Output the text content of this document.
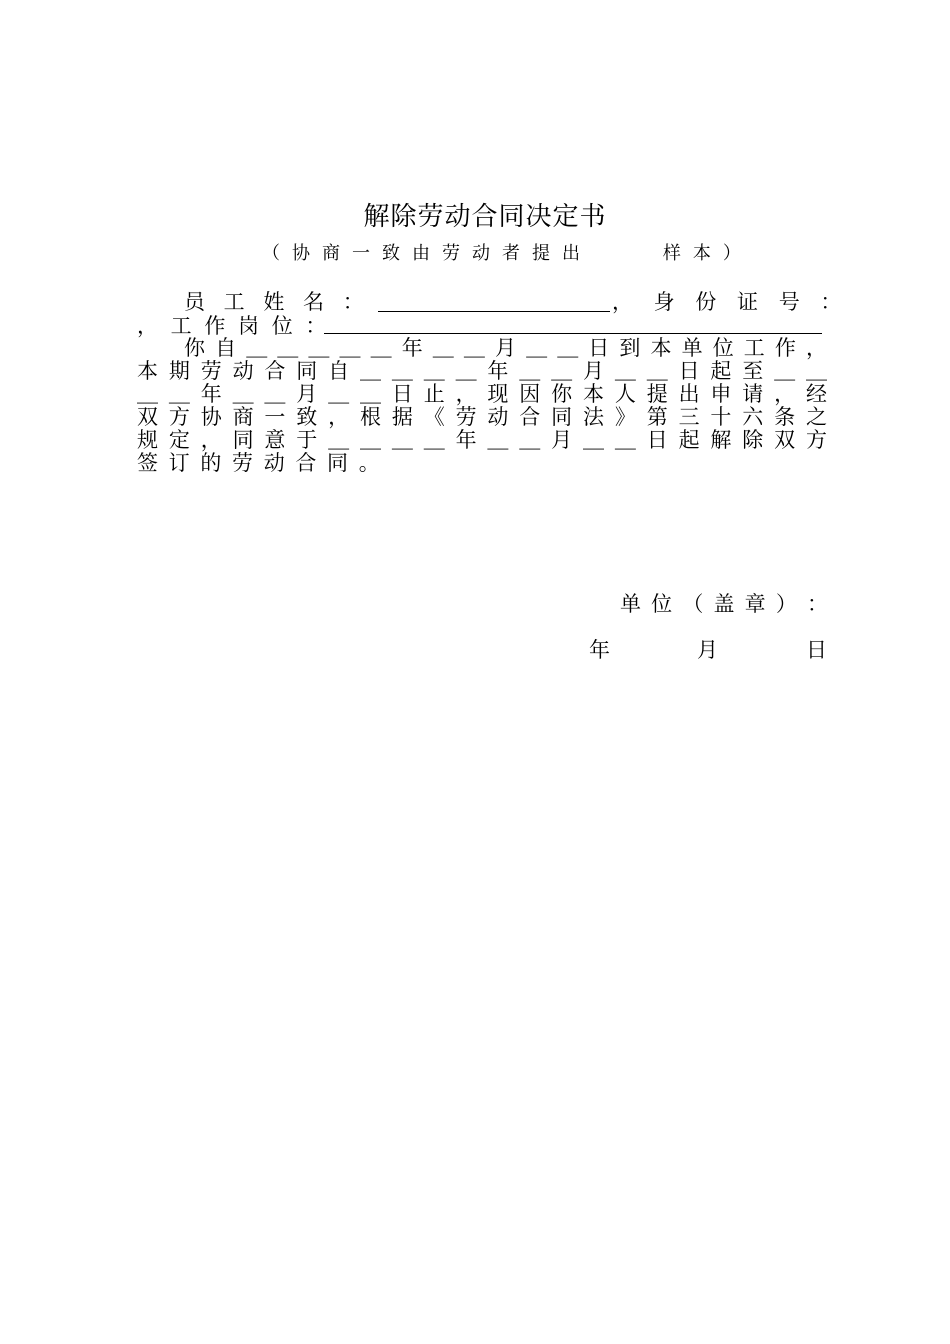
解除劳动合同决定书
（协商一致由劳动者提出    样本）
员 工 姓 名 ：	， 身 份 证 号 ：
， 工 作 岗 位 ：
你 自 ＿ ＿ ＿ ＿ ＿ 年 ＿ ＿ 月 ＿ ＿ 日 到 本 单 位 工 作 ，
本 期 劳 动 合 同 自 ＿ ＿ ＿ ＿ 年 ＿ ＿ 月 ＿ ＿ 日 起 至 ＿ ＿
＿ ＿ 年 ＿ ＿ 月 ＿ ＿ 日 止 ， 现 因 你 本 人 提 出 申 请 ， 经
双 方 协 商 一 致 ， 根 据 《 劳 动 合 同 法 》 第 三 十 六 条 之
规 定 ， 同 意 于 ＿ ＿ ＿ ＿ 年 ＿ ＿ 月 ＿ ＿ 日 起 解 除 双 方
签 订 的 劳 动 合 同 。
单 位 （ 盖 章 ） ：
年	月	日
